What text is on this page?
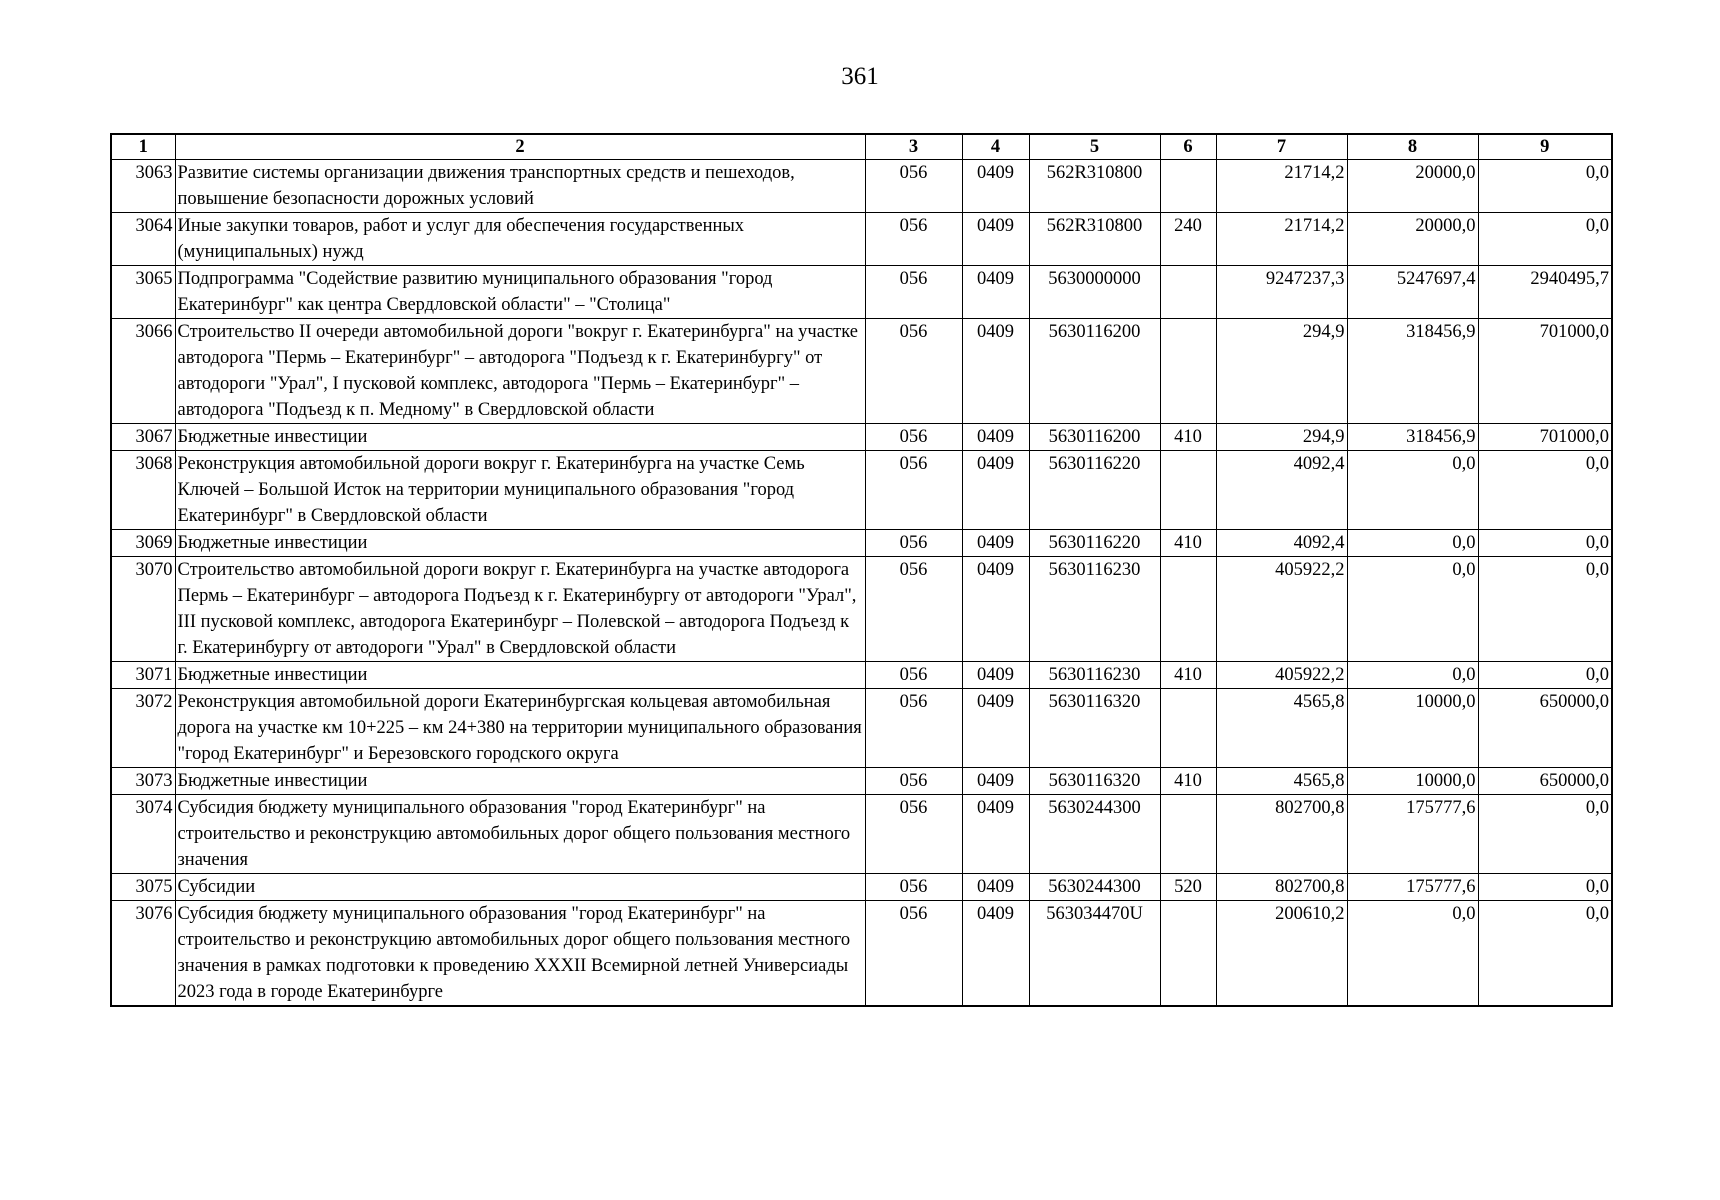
361
1	2	3	4	5	6	7	8	9
3063	Развитие системы организации движения транспортных средств и пешеходов, повышение безопасности дорожных условий	056	0409	562R310800		21714,2	20000,0	0,0
3064	Иные закупки товаров, работ и услуг для обеспечения государственных (муниципальных) нужд	056	0409	562R310800	240	21714,2	20000,0	0,0
3065	Подпрограмма "Содействие развитию муниципального образования "город Екатеринбург" как центра Свердловской области" – "Столица"	056	0409	5630000000		9247237,3	5247697,4	2940495,7
3066	Строительство II очереди автомобильной дороги "вокруг г. Екатеринбурга" на участке автодорога "Пермь – Екатеринбург" – автодорога "Подъезд к г. Екатеринбургу" от автодороги "Урал", I пусковой комплекс, автодорога "Пермь – Екатеринбург" – автодорога "Подъезд к п. Медному" в Свердловской области	056	0409	5630116200		294,9	318456,9	701000,0
3067	Бюджетные инвестиции	056	0409	5630116200	410	294,9	318456,9	701000,0
3068	Реконструкция автомобильной дороги вокруг г. Екатеринбурга на участке Семь Ключей – Большой Исток на территории муниципального образования "город Екатеринбург" в Свердловской области	056	0409	5630116220		4092,4	0,0	0,0
3069	Бюджетные инвестиции	056	0409	5630116220	410	4092,4	0,0	0,0
3070	Строительство автомобильной дороги вокруг г. Екатеринбурга на участке автодорога Пермь – Екатеринбург – автодорога Подъезд к г. Екатеринбургу от автодороги "Урал", III пусковой комплекс, автодорога Екатеринбург – Полевской – автодорога Подъезд к г. Екатеринбургу от автодороги "Урал" в Свердловской области	056	0409	5630116230		405922,2	0,0	0,0
3071	Бюджетные инвестиции	056	0409	5630116230	410	405922,2	0,0	0,0
3072	Реконструкция автомобильной дороги Екатеринбургская кольцевая автомобильная дорога на участке км 10+225 – км 24+380 на территории муниципального образования "город Екатеринбург" и Березовского городского округа	056	0409	5630116320		4565,8	10000,0	650000,0
3073	Бюджетные инвестиции	056	0409	5630116320	410	4565,8	10000,0	650000,0
3074	Субсидия бюджету муниципального образования "город Екатеринбург" на строительство и реконструкцию автомобильных дорог общего пользования местного значения	056	0409	5630244300		802700,8	175777,6	0,0
3075	Субсидии	056	0409	5630244300	520	802700,8	175777,6	0,0
3076	Субсидия бюджету муниципального образования "город Екатеринбург" на строительство и реконструкцию автомобильных дорог общего пользования местного значения в рамках подготовки к проведению XXXII Всемирной летней Универсиады 2023 года в городе Екатеринбурге	056	0409	563034470U		200610,2	0,0	0,0
